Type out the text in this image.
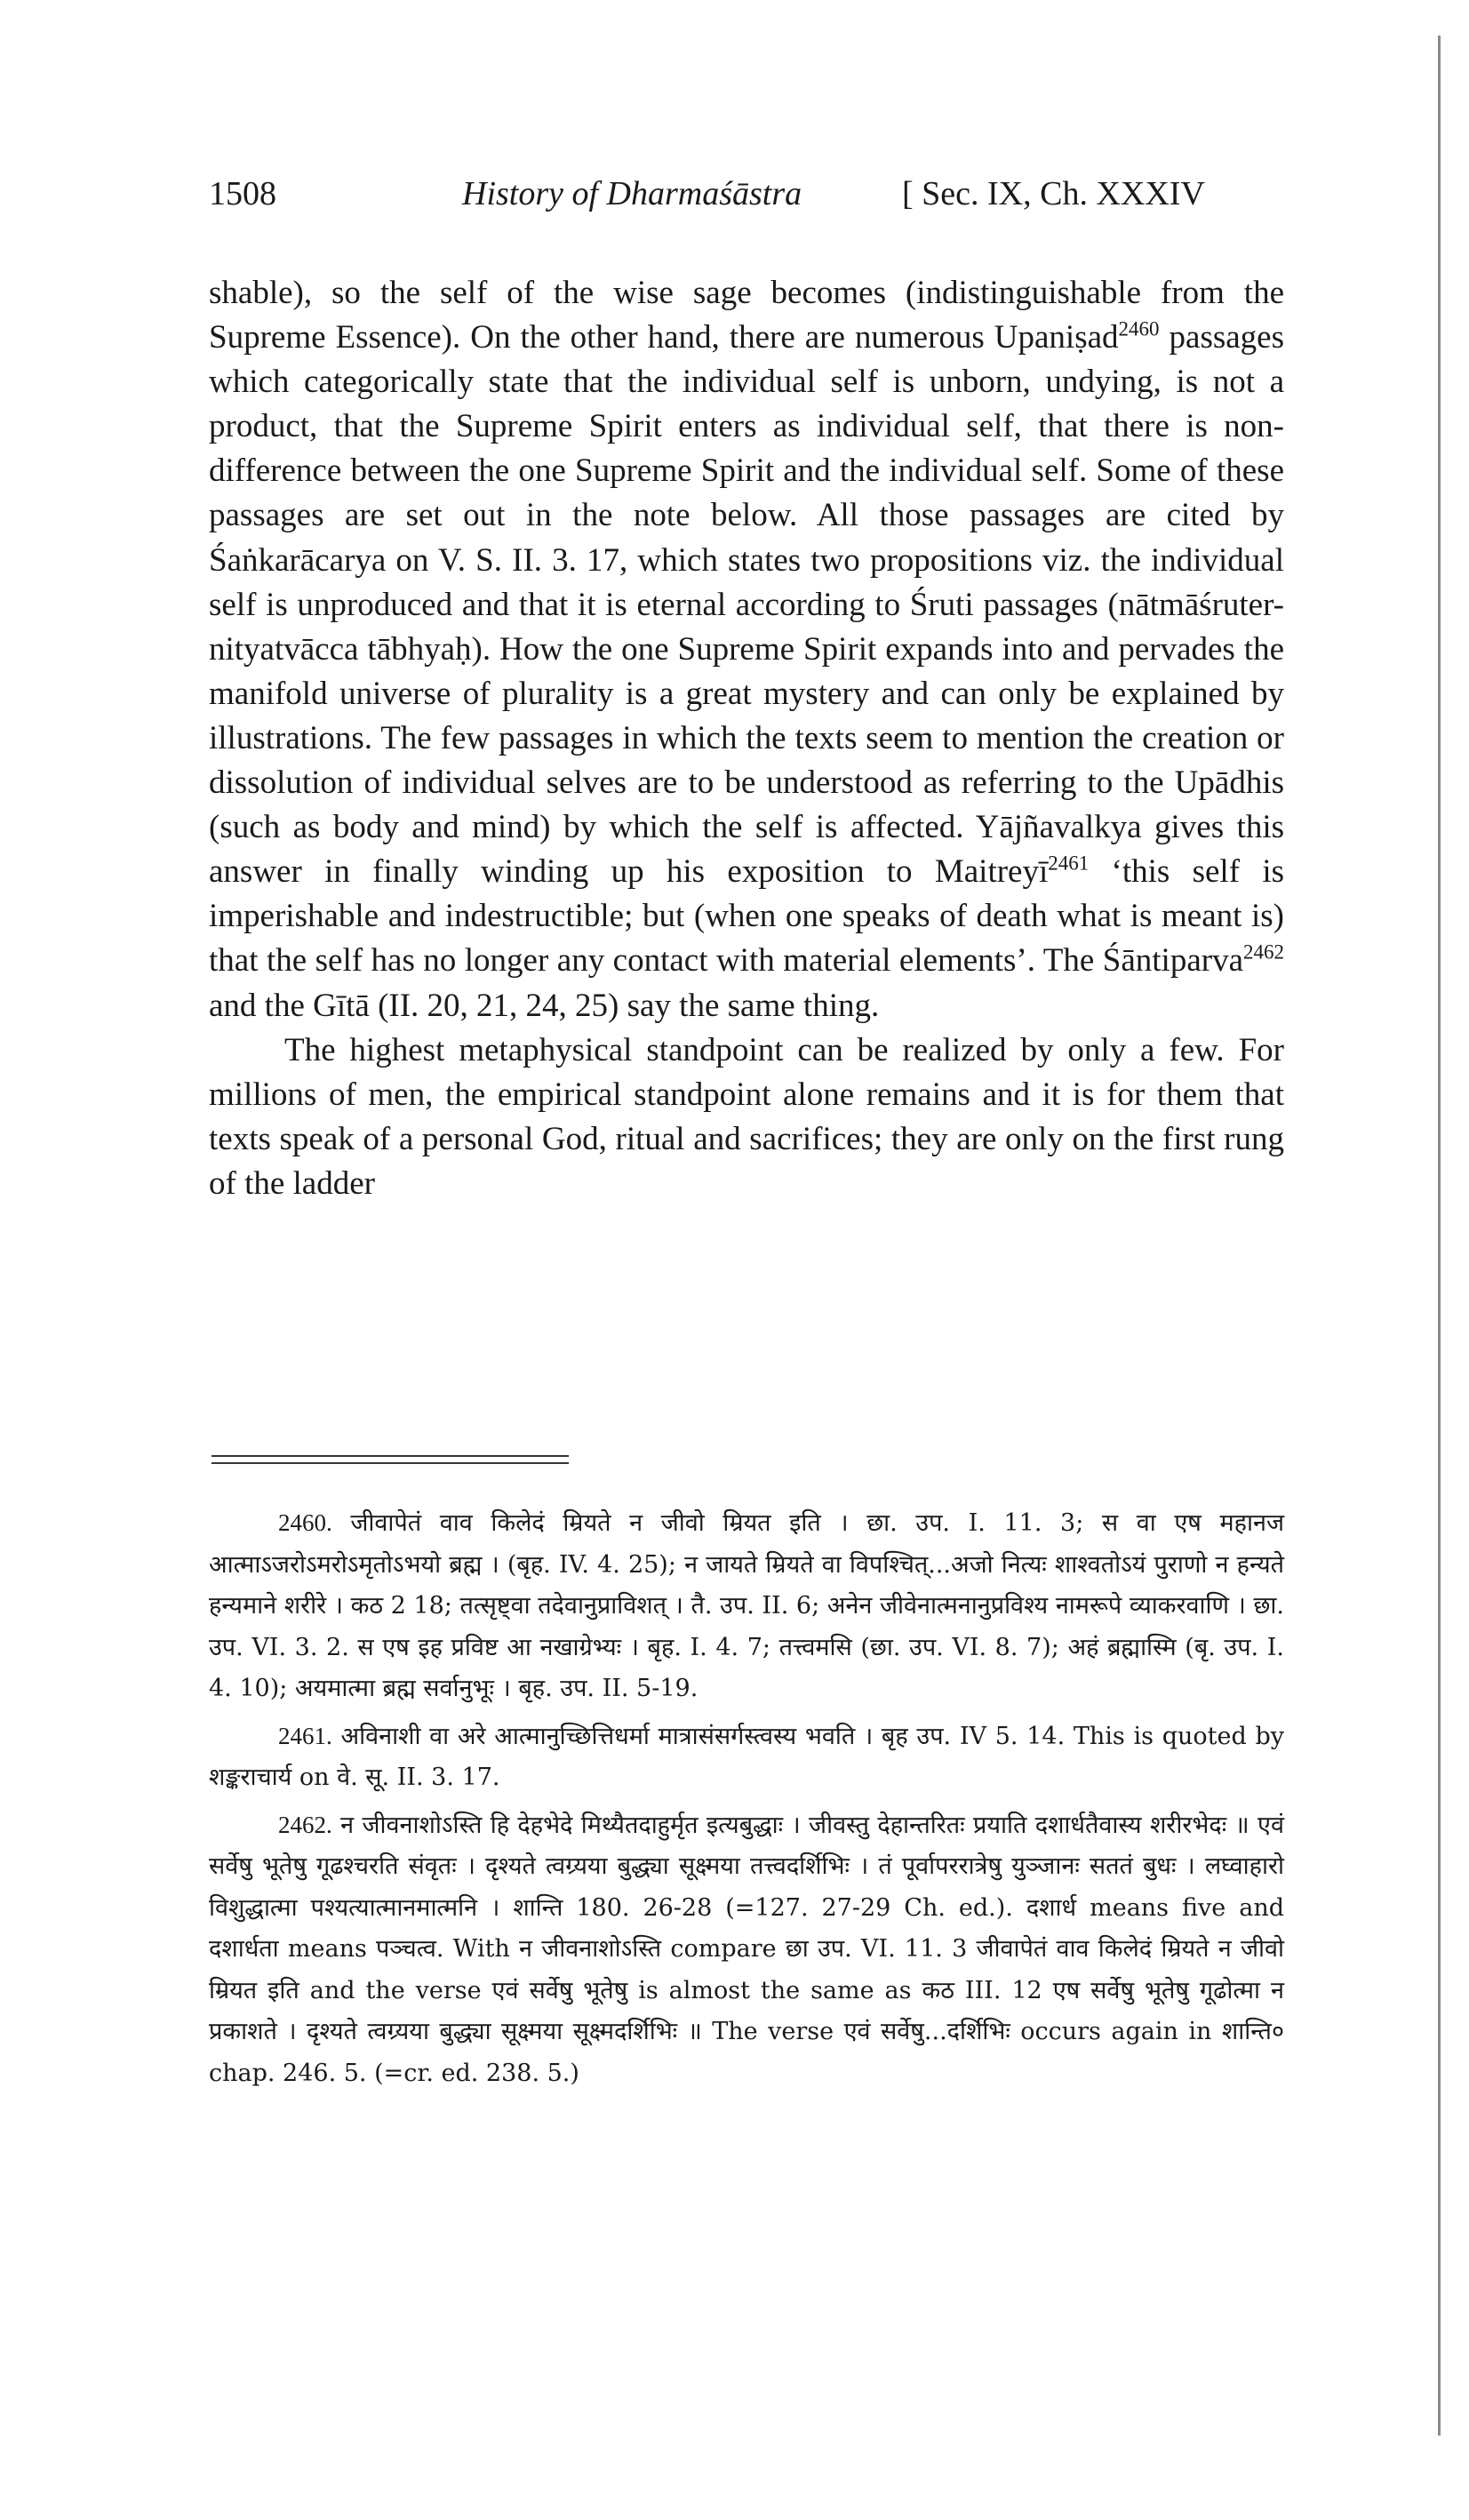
1508	History of Dharmaśāstra	[ Sec. IX, Ch. XXXIV

shable), so the self of the wise sage becomes (indistinguishable from the Supreme Essence). On the other hand, there are numerous Upaniṣad$^{2460}$ passages which categorically state that the individual self is unborn, undying, is not a product, that the Supreme Spirit enters as individual self, that there is non-difference between the one Supreme Spirit and the individual self. Some of these passages are set out in the note below. All those passages are cited by Śaṅkarācarya on V. S. II. 3. 17, which states two propositions viz. the individual self is unproduced and that it is eternal according to Śruti passages (nātmāśruter-nityatvācca tābhyaḥ). How the one Supreme Spirit expands into and pervades the manifold universe of plurality is a great mystery and can only be explained by illustrations. The few passages in which the texts seem to mention the creation or dissolution of individual selves are to be understood as referring to the Upādhis (such as body and mind) by which the self is affected. Yājñavalkya gives this answer in finally winding up his exposition to Maitreyī$^{2461}$ ‘this self is imperishable and indestructible; but (when one speaks of death what is meant is) that the self has no longer any contact with material elements’. The Śāntiparva$^{2462}$ and the Gītā (II. 20, 21, 24, 25) say the same thing.

The highest metaphysical standpoint can be realized by only a few. For millions of men, the empirical standpoint alone remains and it is for them that texts speak of a personal God, ritual and sacrifices; they are only on the first rung of the ladder

2460. जीवापेतं वाव किलेदं म्रियते न जीवो म्रियत इति । छा. उप. I. 11. 3; स वा एष महानज आत्माऽजरोऽमरोऽमृतोऽभयो ब्रह्म । (बृह. IV. 4. 25); न जायते म्रियते वा विपश्चित्...अजो नित्यः शाश्वतोऽयं पुराणो न हन्यते हन्यमाने शरीरे । कठ 2 18; तत्सृष्ट्वा तदेवानुप्राविशत् । तै. उप. II. 6; अनेन जीवेनात्मनानुप्रविश्य नामरूपे व्याकरवाणि । छा. उप. VI. 3. 2. स एष इह प्रविष्ट आ नखाग्रेभ्यः । बृह. I. 4. 7; तत्त्वमसि (छा. उप. VI. 8. 7); अहं ब्रह्मास्मि (बृ. उप. I. 4. 10); अयमात्मा ब्रह्म सर्वानुभूः । बृह. उप. II. 5-19.

2461. अविनाशी वा अरे आत्मानुच्छित्तिधर्मा मात्रासंसर्गस्त्वस्य भवति । बृह उप. IV 5. 14. This is quoted by शङ्कराचार्य on वे. सू. II. 3. 17.

2462. न जीवनाशोऽस्ति हि देहभेदे मिथ्यैतदाहुर्मृत इत्यबुद्धाः । जीवस्तु देहान्तरितः प्रयाति दशार्धतैवास्य शरीरभेदः ॥ एवं सर्वेषु भूतेषु गूढश्चरति संवृतः । दृश्यते त्वग्र्यया बुद्ध्या सूक्ष्मया तत्त्वदर्शिभिः । तं पूर्वापररात्रेषु युञ्जानः सततं बुधः । लघ्वाहारो विशुद्धात्मा पश्यत्यात्मानमात्मनि । शान्ति 180. 26-28 (=127. 27-29 Ch. ed.). दशार्ध means five and दशार्धता means पञ्चत्व. With न जीवनाशोऽस्ति compare छा उप. VI. 11. 3 जीवापेतं वाव किलेदं म्रियते न जीवो म्रियत इति and the verse एवं सर्वेषु भूतेषु is almost the same as कठ III. 12 एष सर्वेषु भूतेषु गूढोत्मा न प्रकाशते । दृश्यते त्वग्र्यया बुद्ध्या सूक्ष्मया सूक्ष्मदर्शिभिः ॥ The verse एवं सर्वेषु...दर्शिभिः occurs again in शान्ति० chap. 246. 5. (=cr. ed. 238. 5.)
